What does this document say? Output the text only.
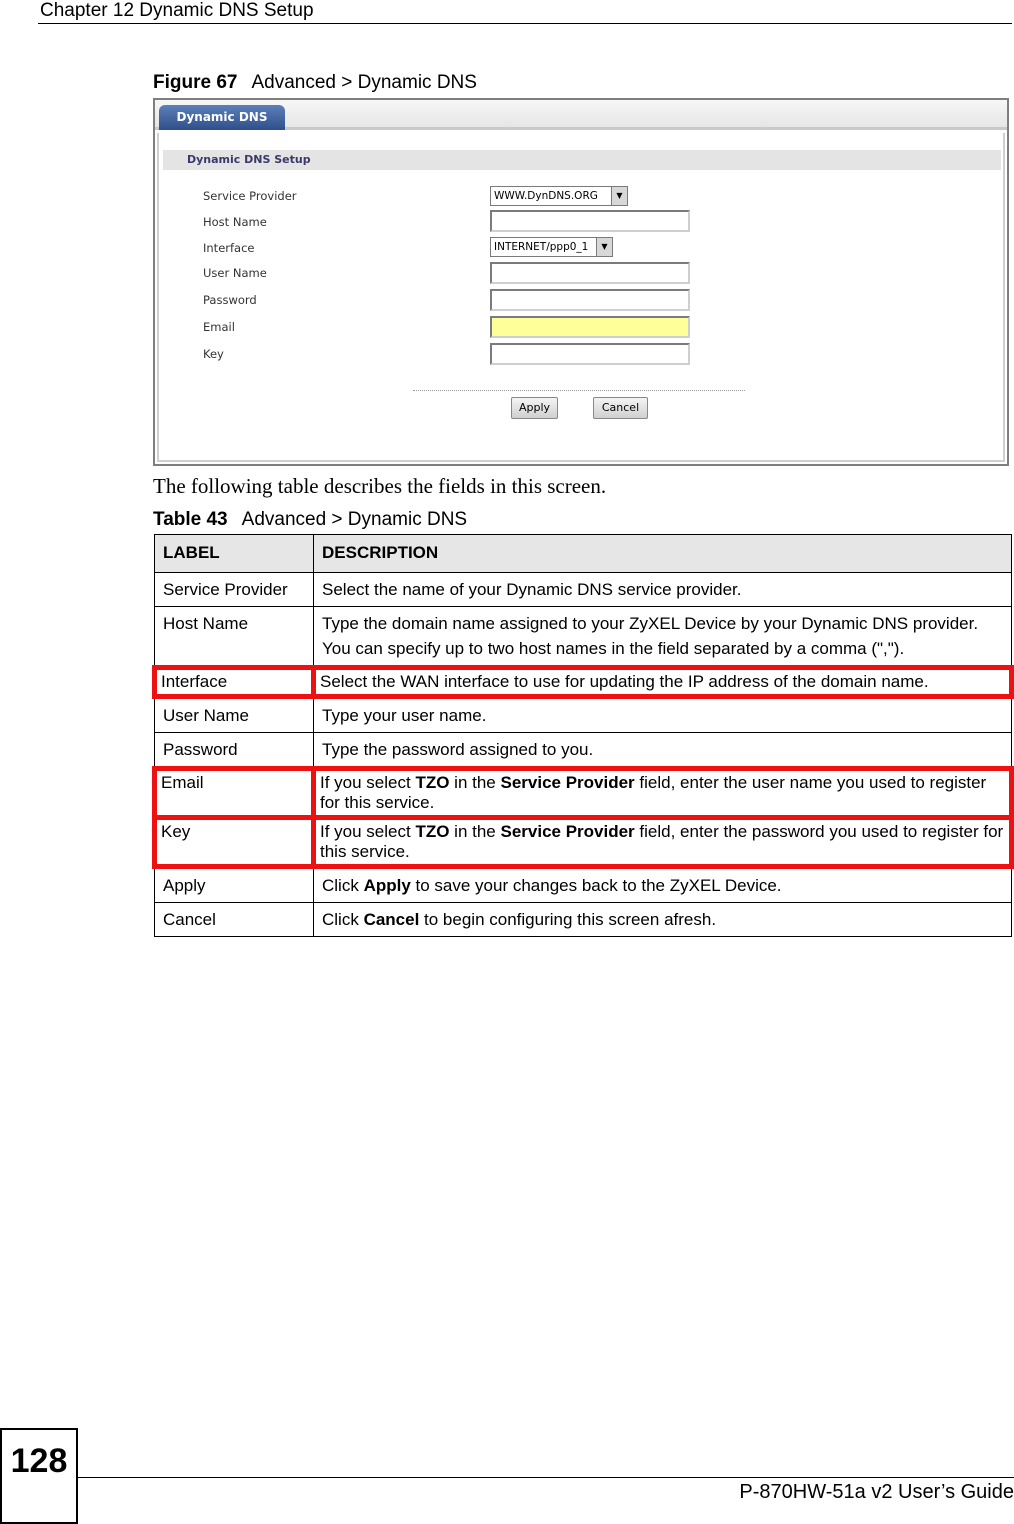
Chapter 12 Dynamic DNS Setup
Figure 67 Advanced > Dynamic DNS
Dynamic DNS
Dynamic DNS Setup
Service Provider	WWW.DynDNS.ORG	▼
Host Name
Interface	INTERNET/ppp0_1	▼
User Name
Password
Email
Key
Apply	Cancel
The following table describes the fields in this screen.
Table 43 Advanced > Dynamic DNS
LABEL	DESCRIPTION
Service Provider	Select the name of your Dynamic DNS service provider.

Host Name	Type the domain name assigned to your ZyXEL Device by your Dynamic DNS provider.

You can specify up to two host names in the field separated by a comma (",").

Interface	Select the WAN interface to use for updating the IP address of the domain name.

User Name	Type your user name.

Password	Type the password assigned to you.

Email	If you select TZO in the Service Provider field, enter the user name you used to register for this service.
Key	If you select TZO in the Service Provider field, enter the password you used to register for this service.
Apply	Click Apply to save your changes back to the ZyXEL Device.
Cancel	Click Cancel to begin configuring this screen afresh.
128
P-870HW-51a v2 User’s Guide
